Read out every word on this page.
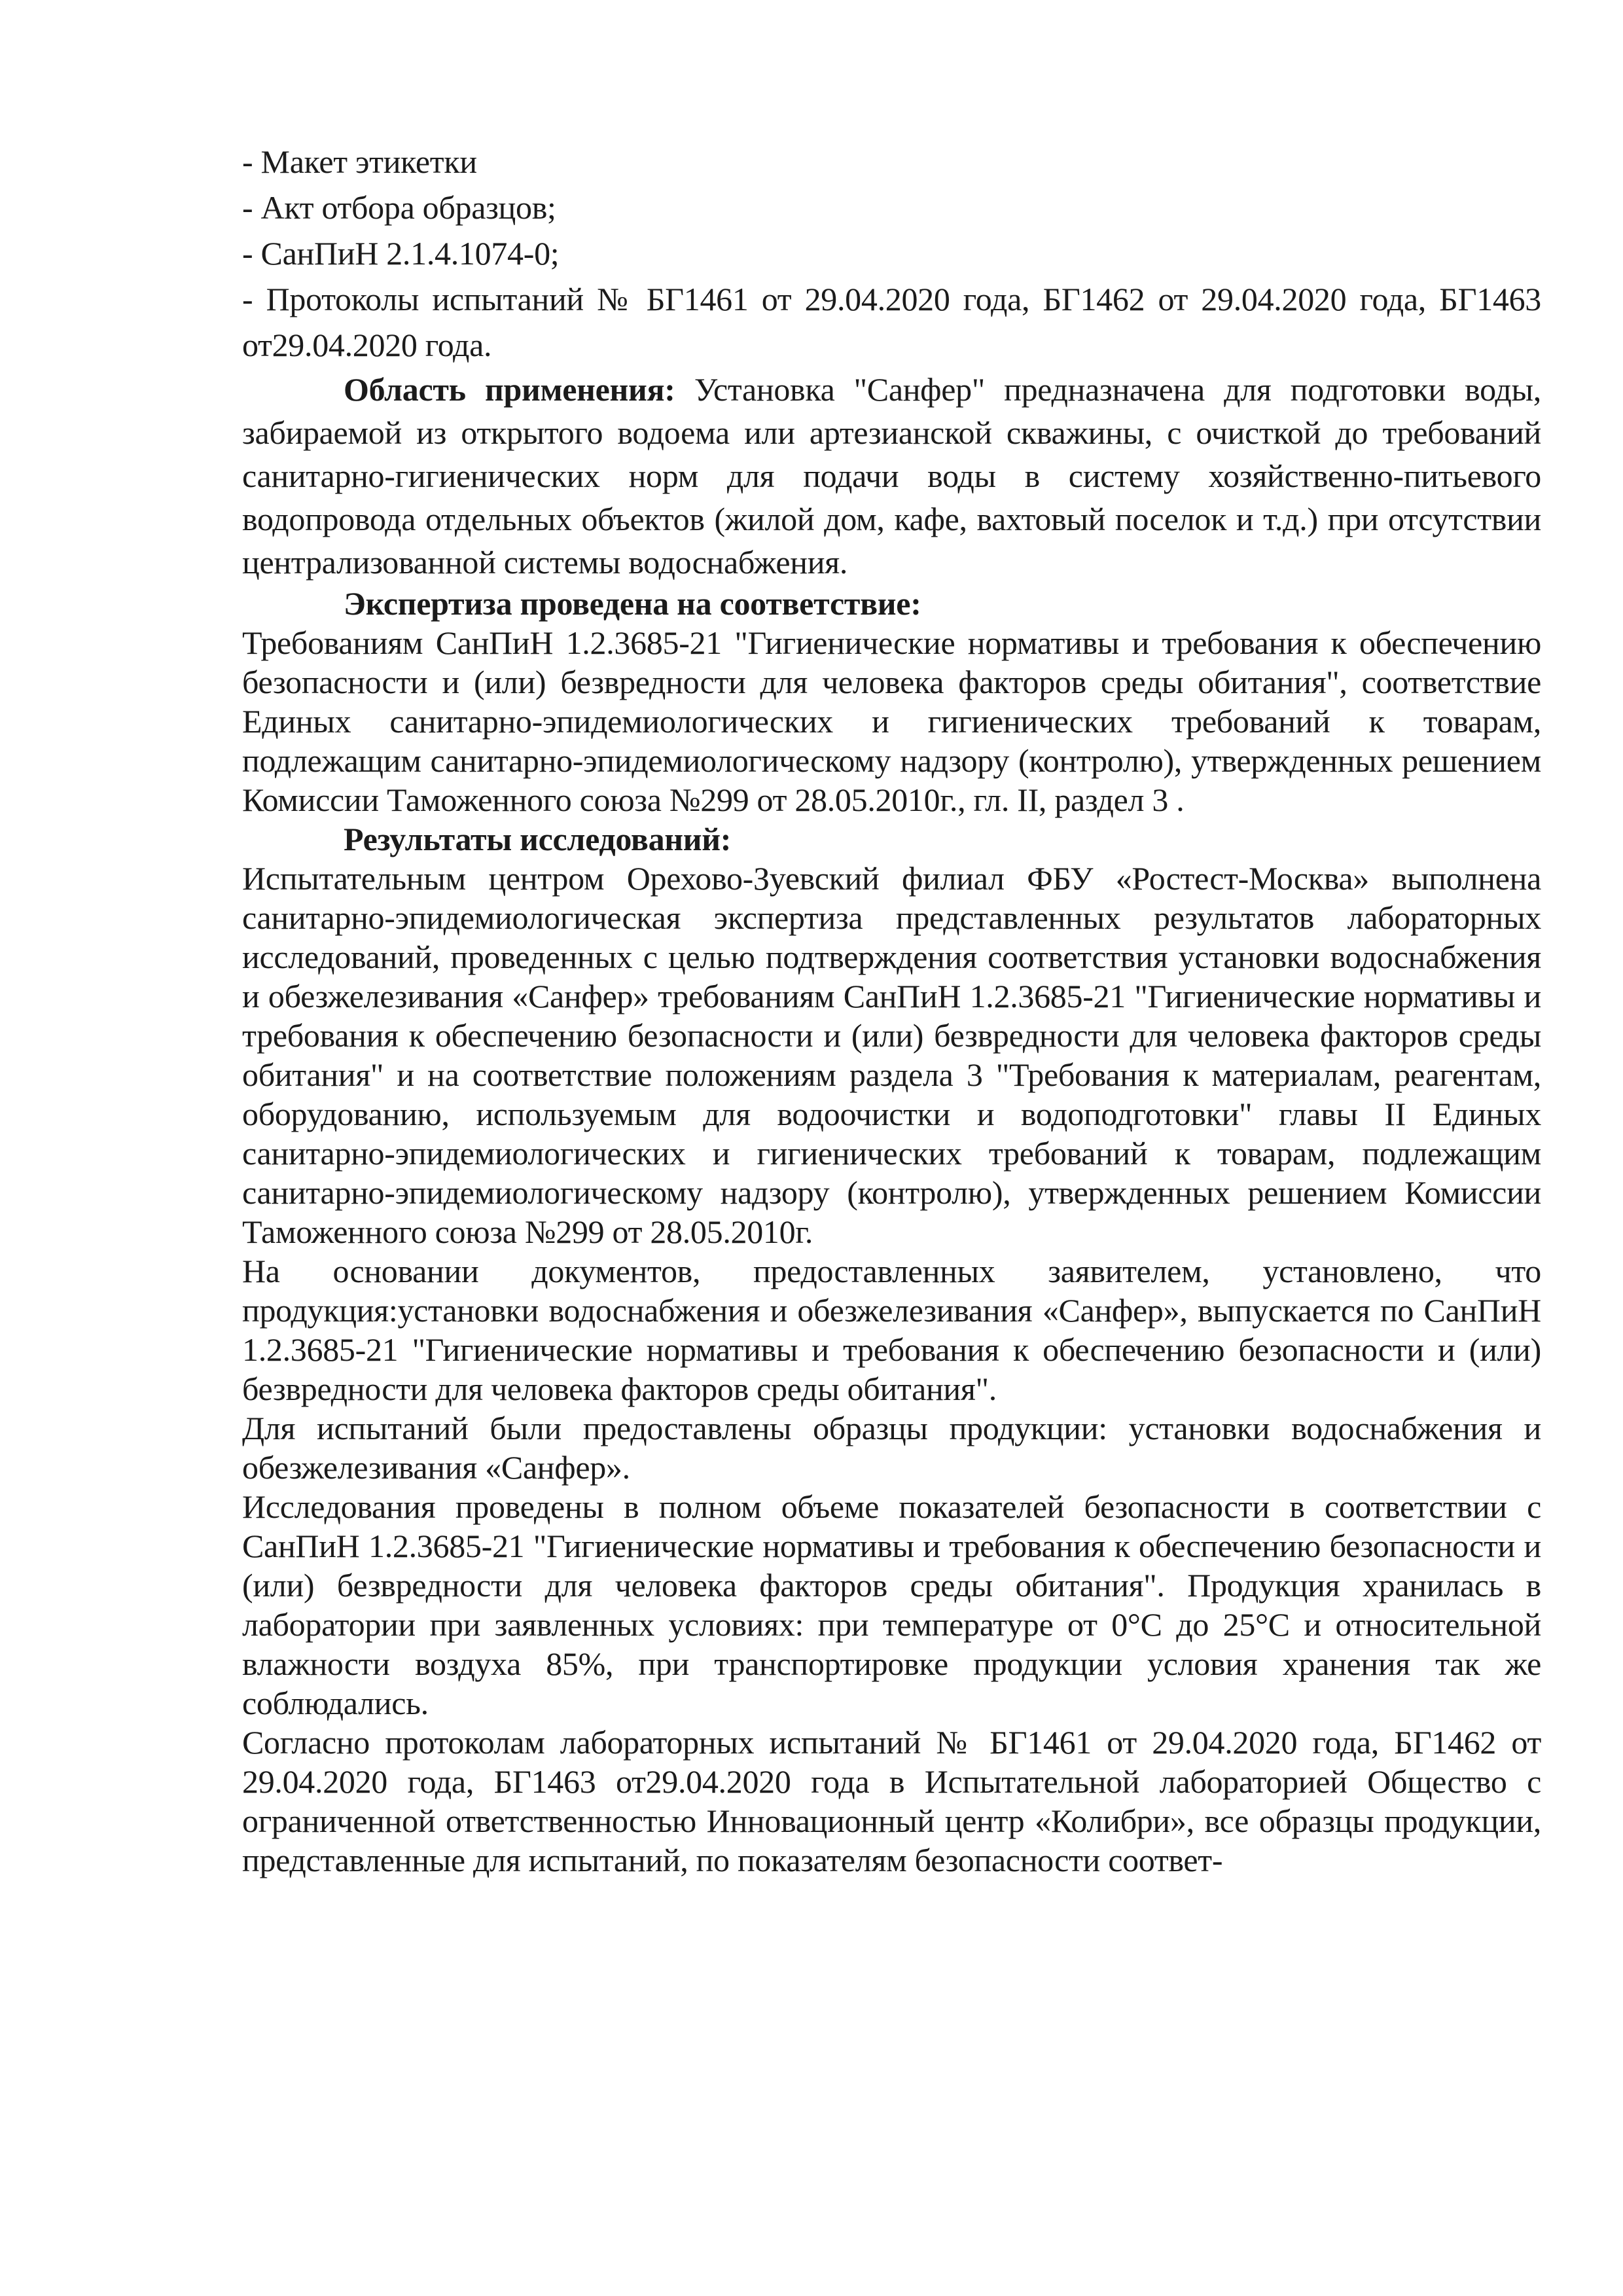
- Макет этикетки

- Акт отбора образцов;

- СанПиН 2.1.4.1074-0;

- Протоколы испытаний № БГ1461 от 29.04.2020 года, БГ1462 от 29.04.2020 года, БГ1463 от29.04.2020 года.

Область применения: Установка "Санфер" предназначена для подготовки воды, забираемой из открытого водоема или артезианской скважины, с очисткой до требований санитарно-гигиенических норм для подачи воды в систему хозяйственно-питьевого водопровода отдельных объектов (жилой дом, кафе, вахтовый поселок и т.д.) при отсутствии централизованной системы водоснабжения.

Экспертиза проведена на соответствие:

Требованиям СанПиН 1.2.3685-21 "Гигиенические нормативы и требования к обеспечению безопасности и (или) безвредности для человека факторов среды обитания", соответствие Единых санитарно-эпидемиологических и гигиенических требований к товарам, подлежащим санитарно-эпидемиологическому надзору (контролю), утвержденных решением Комиссии Таможенного союза №299 от 28.05.2010г., гл. II, раздел 3 .

Результаты исследований:

Испытательным центром Орехово-Зуевский филиал ФБУ «Ростест-Москва» выполнена санитарно-эпидемиологическая экспертиза представленных результатов лабораторных исследований, проведенных с целью подтверждения соответствия установки водоснабжения и обезжелезивания «Санфер» требованиям СанПиН 1.2.3685-21 "Гигиенические нормативы и требования к обеспечению безопасности и (или) безвредности для человека факторов среды обитания" и на соответствие положениям раздела 3 "Требования к материалам, реагентам, оборудованию, используемым для водоочистки и водоподготовки" главы II Единых санитарно-эпидемиологических и гигиенических требований к товарам, подлежащим санитарно-эпидемиологическому надзору (контролю), утвержденных решением Комиссии Таможенного союза №299 от 28.05.2010г.

На основании документов, предоставленных заявителем, установлено, что продукция:установки водоснабжения и обезжелезивания «Санфер», выпускается по СанПиН 1.2.3685-21 "Гигиенические нормативы и требования к обеспечению безопасности и (или) безвредности для человека факторов среды обитания".

Для испытаний были предоставлены образцы продукции: установки водоснабжения и обезжелезивания «Санфер».

Исследования проведены в полном объеме показателей безопасности в соответствии с СанПиН 1.2.3685-21 "Гигиенические нормативы и требования к обеспечению безопасности и (или) безвредности для человека факторов среды обитания". Продукция хранилась в лаборатории при заявленных условиях: при температуре от 0°С до 25°С и относительной влажности воздуха 85%, при транспортировке продукции условия хранения так же соблюдались.

Согласно протоколам лабораторных испытаний № БГ1461 от 29.04.2020 года, БГ1462 от 29.04.2020 года, БГ1463 от29.04.2020 года в Испытательной лабораторией Общество с ограниченной ответственностью Инновационный центр «Колибри», все образцы продукции, представленные для испытаний, по показателям безопасности соответ-
